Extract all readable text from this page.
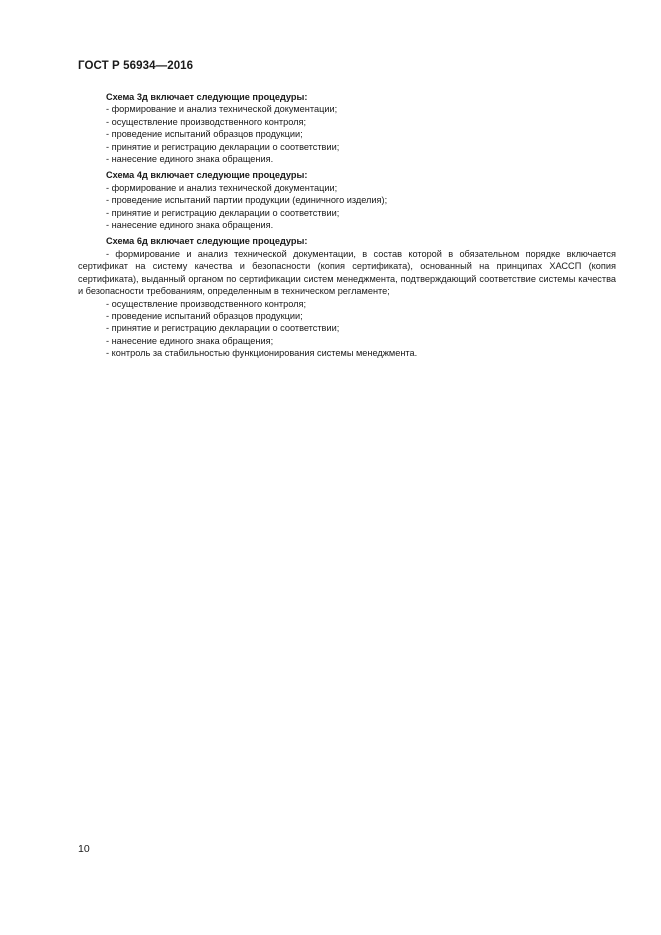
ГОСТ Р 56934—2016
Схема 3д включает следующие процедуры:
- формирование и анализ технической документации;
- осуществление производственного контроля;
- проведение испытаний образцов продукции;
- принятие и регистрацию декларации о соответствии;
- нанесение единого знака обращения.
Схема 4д включает следующие процедуры:
- формирование и анализ технической документации;
- проведение испытаний партии продукции (единичного изделия);
- принятие и регистрацию декларации о соответствии;
- нанесение единого знака обращения.
Схема 6д включает следующие процедуры:
- формирование и анализ технической документации, в состав которой в обязательном порядке включается сертификат на систему качества и безопасности (копия сертификата), основанный на принципах ХАССП (копия сертификата), выданный органом по сертификации систем менеджмента, подтверждающий соответствие системы качества и безопасности требованиям, определенным в техническом регламенте;
- осуществление производственного контроля;
- проведение испытаний образцов продукции;
- принятие и регистрацию декларации о соответствии;
- нанесение единого знака обращения;
- контроль за стабильностью функционирования системы менеджмента.
10
